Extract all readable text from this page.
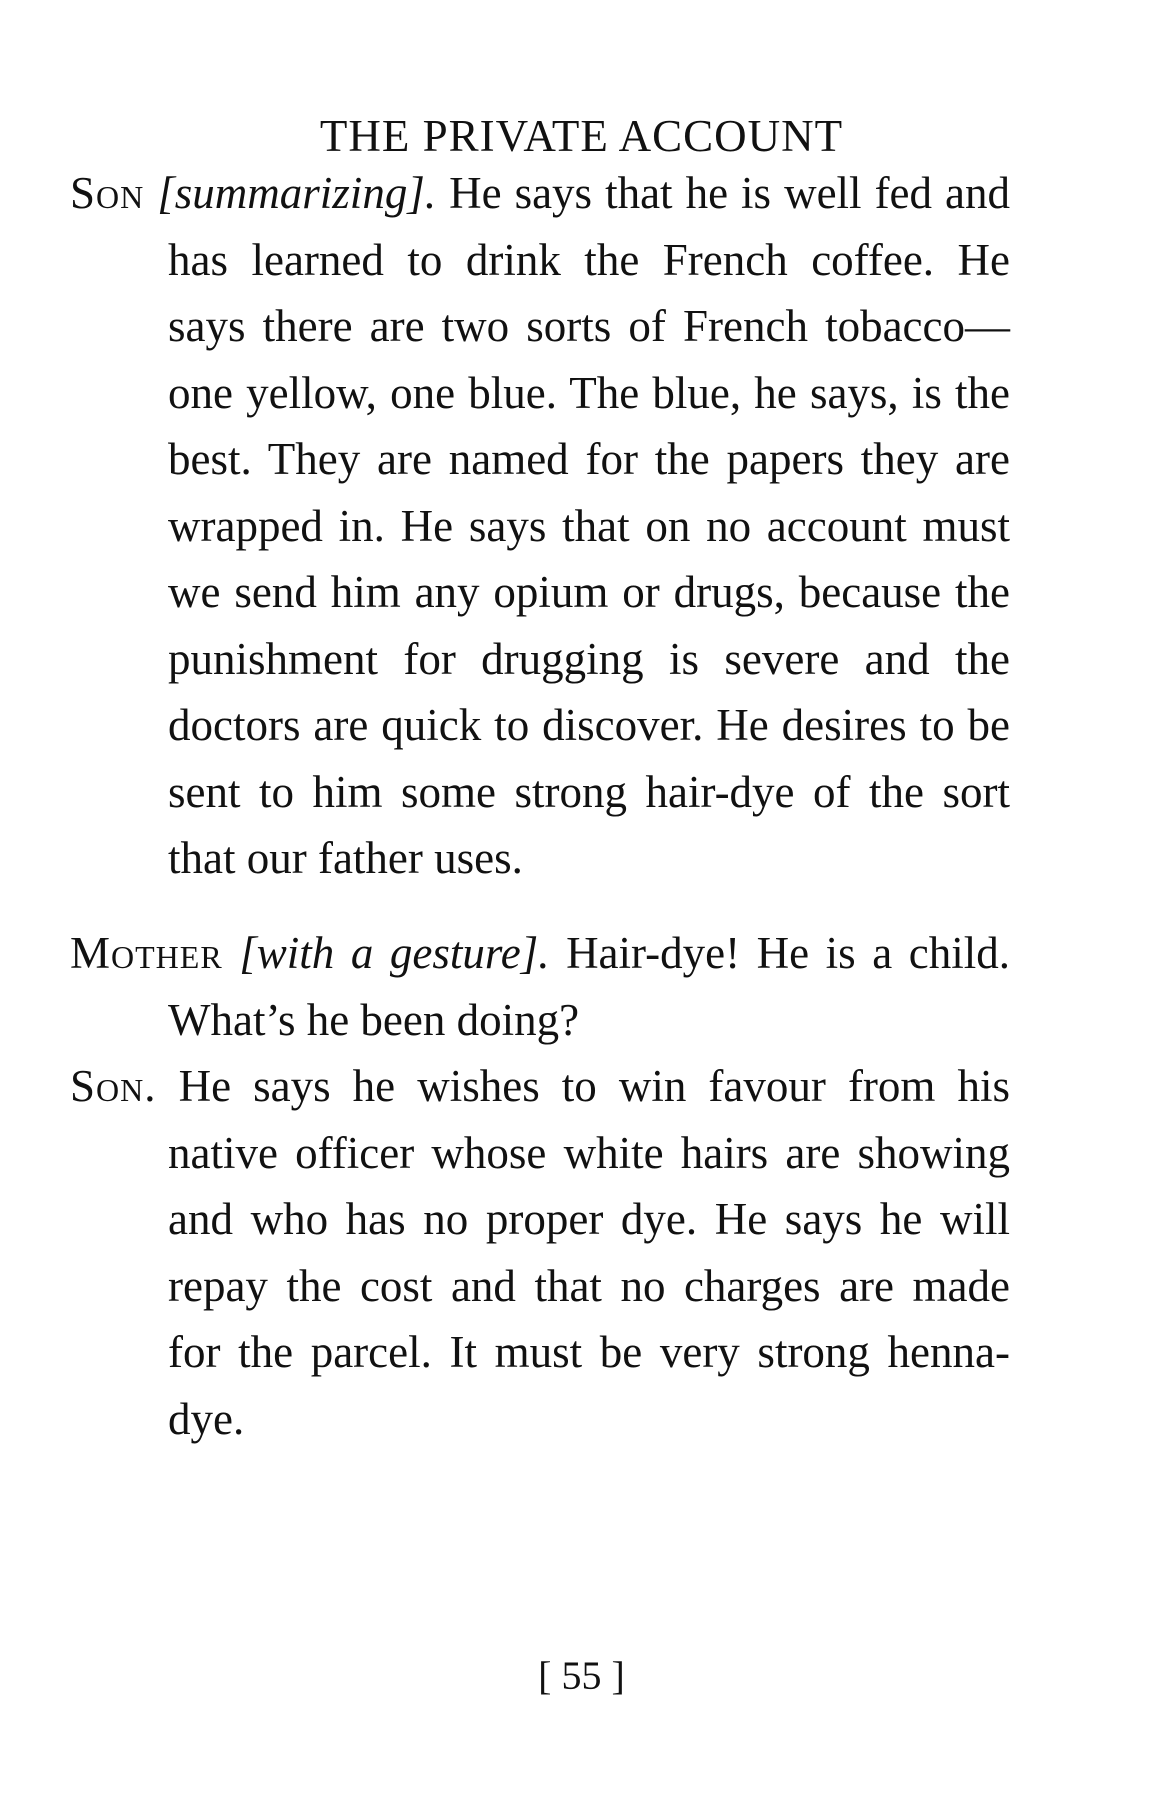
THE PRIVATE ACCOUNT
Son [summarizing]. He says that he is well fed and has learned to drink the French coffee. He says there are two sorts of French tobacco—one yellow, one blue. The blue, he says, is the best. They are named for the papers they are wrapped in. He says that on no account must we send him any opium or drugs, because the punishment for drugging is severe and the doctors are quick to discover. He desires to be sent to him some strong hair-dye of the sort that our father uses.
Mother [with a gesture]. Hair-dye! He is a child. What’s he been doing?
Son. He says he wishes to win favour from his native officer whose white hairs are showing and who has no proper dye. He says he will repay the cost and that no charges are made for the parcel. It must be very strong henna-dye.
[ 55 ]
